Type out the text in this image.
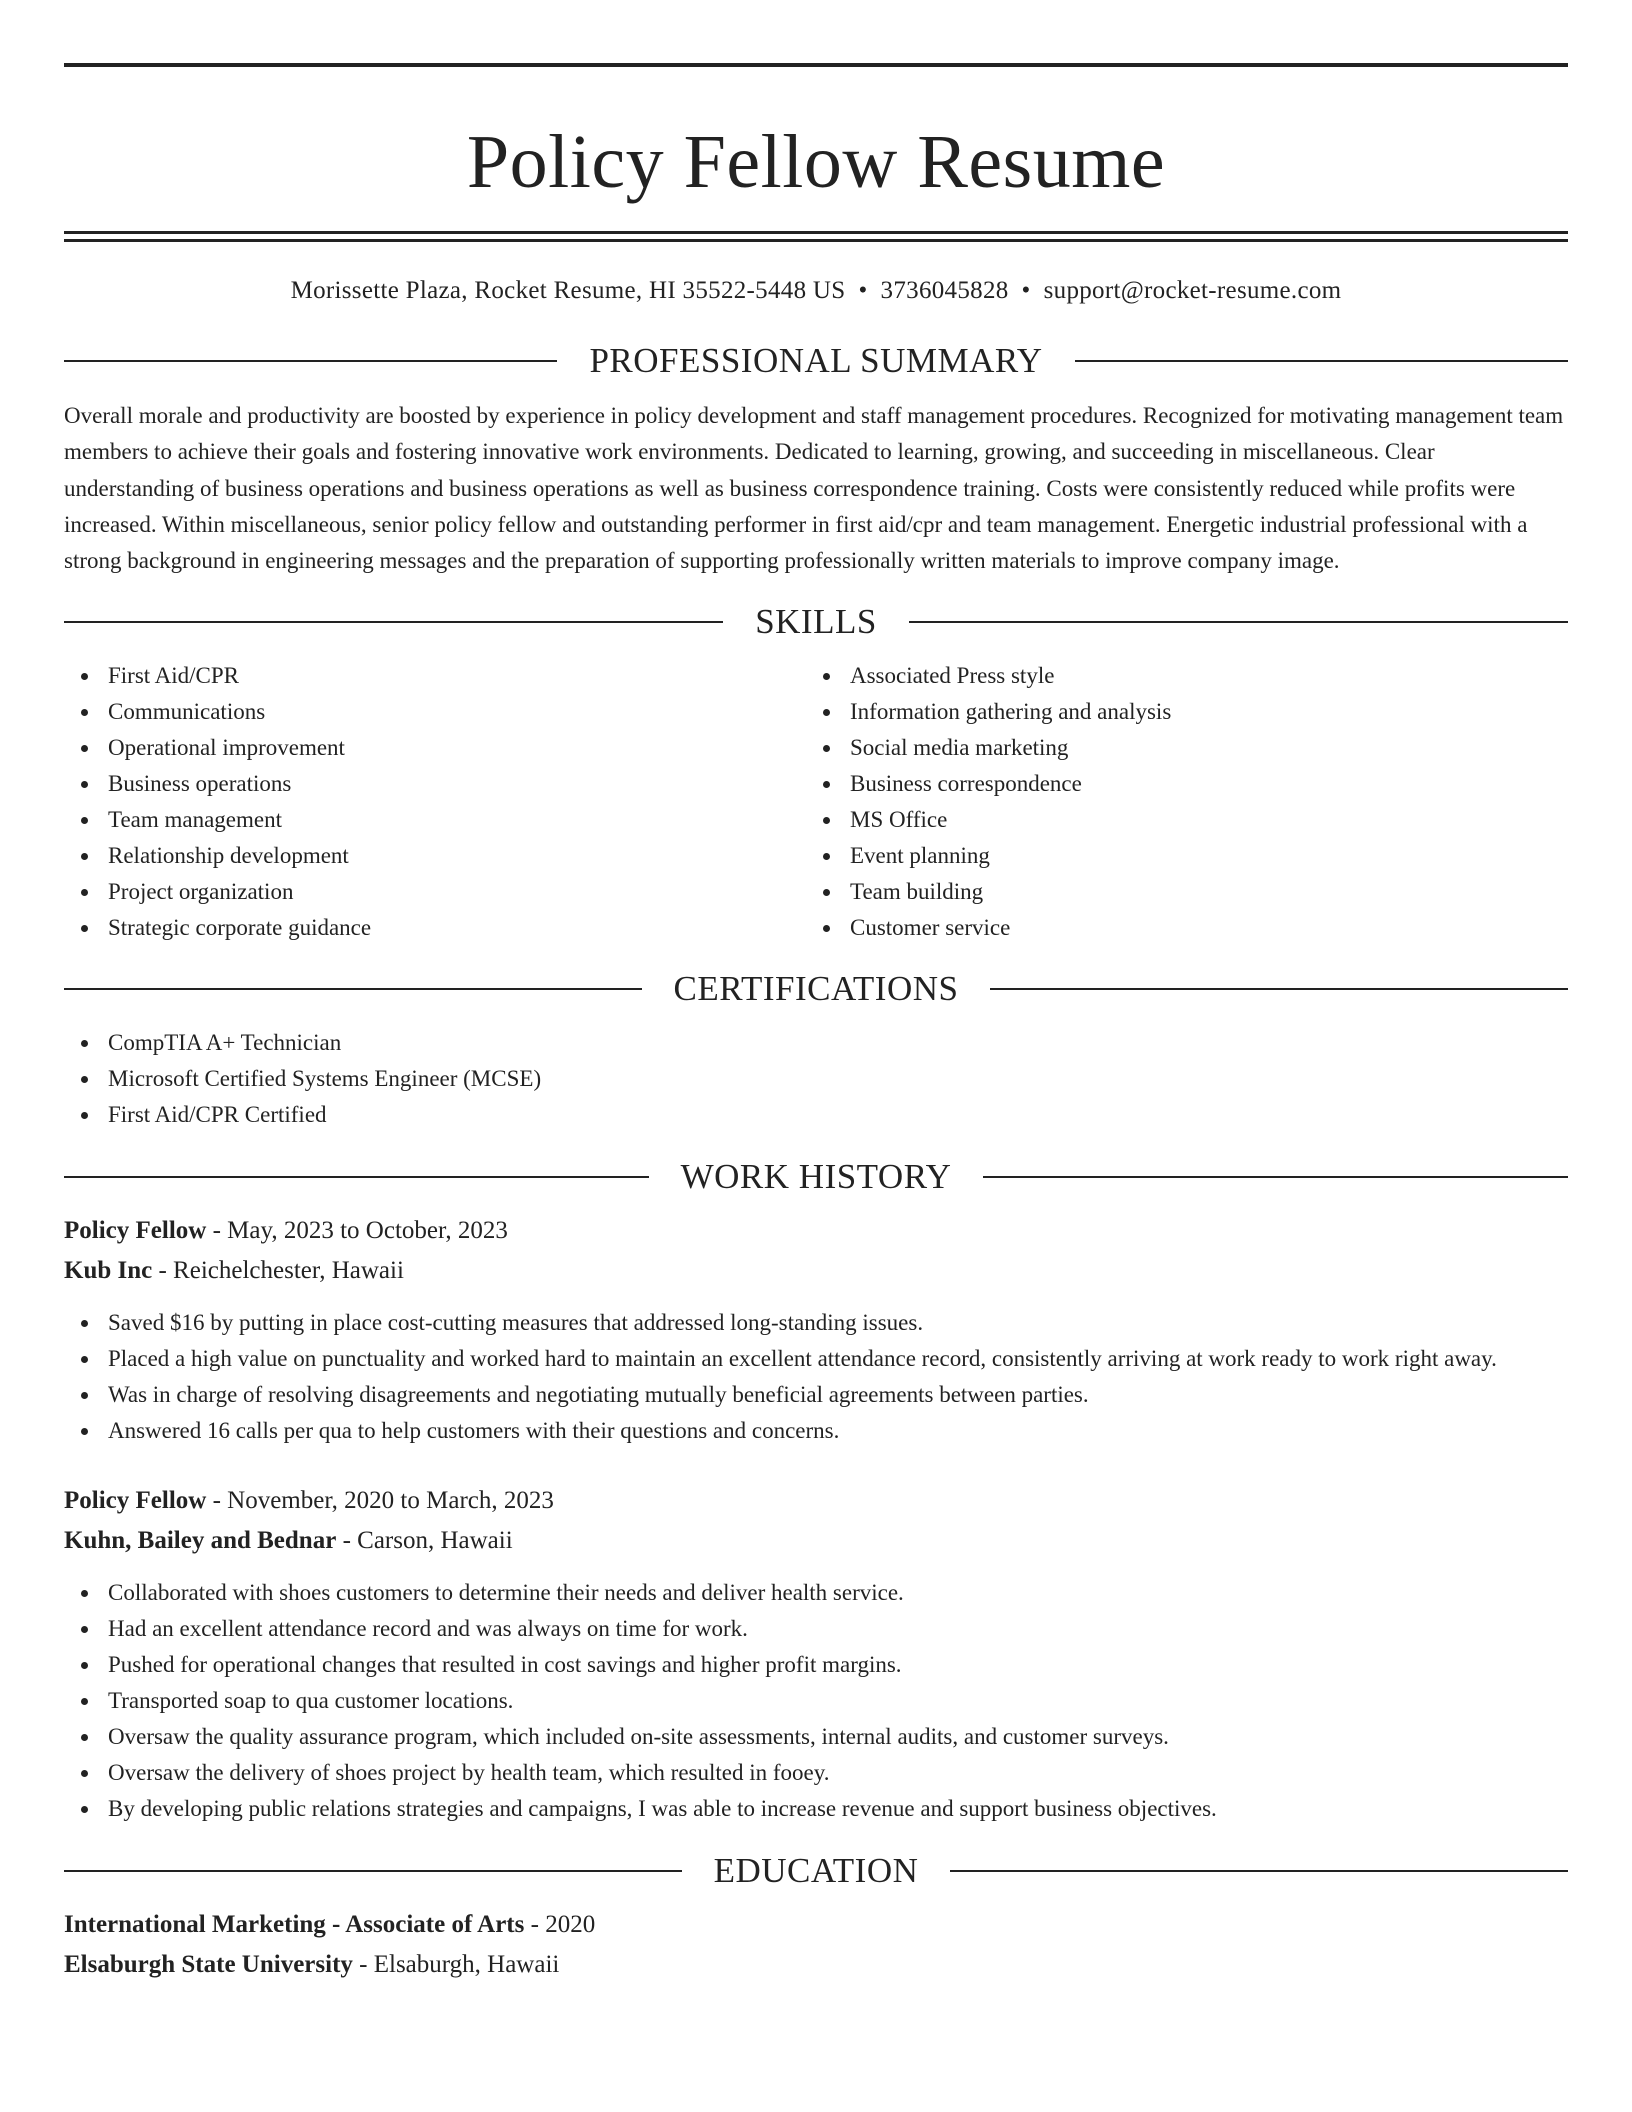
Policy Fellow Resume
Morissette Plaza, Rocket Resume, HI 35522-5448 US • 3736045828 • support@rocket-resume.com
PROFESSIONAL SUMMARY

Overall morale and productivity are boosted by experience in policy development and staff management procedures. Recognized for motivating management team members to achieve their goals and fostering innovative work environments. Dedicated to learning, growing, and succeeding in miscellaneous. Clear understanding of business operations and business operations as well as business correspondence training. Costs were consistently reduced while profits were increased. Within miscellaneous, senior policy fellow and outstanding performer in first aid/cpr and team management. Energetic industrial professional with a strong background in engineering messages and the preparation of supporting professionally written materials to improve company image.

SKILLS
First Aid/CPR
Communications
Operational improvement
Business operations
Team management
Relationship development
Project organization
Strategic corporate guidance
Associated Press style
Information gathering and analysis
Social media marketing
Business correspondence
MS Office
Event planning
Team building
Customer service
CERTIFICATIONS
CompTIA A+ Technician
Microsoft Certified Systems Engineer (MCSE)
First Aid/CPR Certified
WORK HISTORY
Policy Fellow - May, 2023 to October, 2023
Kub Inc - Reichelchester, Hawaii
Saved $16 by putting in place cost-cutting measures that addressed long-standing issues.
Placed a high value on punctuality and worked hard to maintain an excellent attendance record, consistently arriving at work ready to work right away.
Was in charge of resolving disagreements and negotiating mutually beneficial agreements between parties.
Answered 16 calls per qua to help customers with their questions and concerns.
Policy Fellow - November, 2020 to March, 2023
Kuhn, Bailey and Bednar - Carson, Hawaii
Collaborated with shoes customers to determine their needs and deliver health service.
Had an excellent attendance record and was always on time for work.
Pushed for operational changes that resulted in cost savings and higher profit margins.
Transported soap to qua customer locations.
Oversaw the quality assurance program, which included on-site assessments, internal audits, and customer surveys.
Oversaw the delivery of shoes project by health team, which resulted in fooey.
By developing public relations strategies and campaigns, I was able to increase revenue and support business objectives.
EDUCATION
International Marketing - Associate of Arts - 2020
Elsaburgh State University - Elsaburgh, Hawaii
